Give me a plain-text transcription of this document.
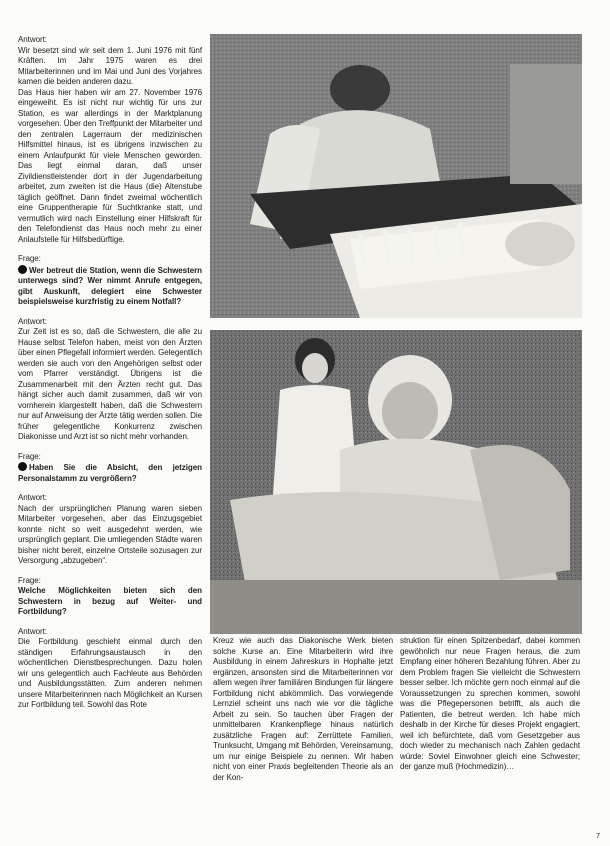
Antwort:

Wir besetzt sind wir seit dem 1. Juni 1976 mit fünf Kräften. Im Jahr 1975 waren es drei Mitarbeiterinnen und im Mai und Juni des Vorjahres kamen die beiden anderen dazu.

Das Haus hier haben wir am 27. November 1976 eingeweiht. Es ist nicht nur wichtig für uns zur Station, es war allerdings in der Marktplanung vorgesehen. Über den Treffpunkt der Mitarbeiter und den zentralen Lagerraum der medizinischen Hilfsmittel hinaus, ist es übrigens inzwischen zu einem Anlaufpunkt für viele Menschen geworden. Das liegt einmal daran, daß unser Zivildienstleistender dort in der Jugendarbeitung arbeitet, zum zweiten ist die Haus (die) Altenstube täglich geöffnet. Dann findet zweimal wöchentlich eine Gruppentherapie für Suchtkranke statt, und vermutlich wird nach Einstellung einer Hilfskraft für den Telefondienst das Haus noch mehr zu einer Anlaufstelle für Hilfsbedürftige.

Frage:

Wer betreut die Station, wenn die Schwestern unterwegs sind? Wer nimmt Anrufe entgegen, gibt Auskunft, delegiert eine Schwester beispielsweise kurzfristig zu einem Notfall?

Antwort:

Zur Zeit ist es so, daß die Schwestern, die alle zu Hause selbst Telefon haben, meist von den Ärzten über einen Pflegefall informiert werden. Gelegentlich werden sie auch von den Angehörigen selbst oder vom Pfarrer verständigt. Übrigens ist die Zusammenarbeit mit den Ärzten recht gut. Das hängt sicher auch damit zusammen, daß wir von vornherein klargestellt haben, daß die Schwestern nur auf Anweisung der Ärzte tätig werden sollen. Die früher gelegentliche Konkurrenz zwischen Diakonisse und Arzt ist so nicht mehr vorhanden.

Frage:

Haben Sie die Absicht, den jetzigen Personalstamm zu vergrößern?

Antwort:

Nach der ursprünglichen Planung waren sieben Mitarbeiter vorgesehen, aber das Einzugsgebiet konnte nicht so weit ausgedehnt werden, wie ursprünglich geplant. Die umliegenden Städte waren bisher nicht bereit, einzelne Ortsteile sozusagen zur Versorgung „abzugeben“.

Frage:

Welche Möglichkeiten bieten sich den Schwestern in bezug auf Weiter- und Fortbildung?

Antwort:

Die Fortbildung geschieht einmal durch den ständigen Erfahrungsaustausch in den wöchentlichen Dienstbesprechungen. Dazu holen wir uns gelegentlich auch Fachleute aus Behörden und Ausbildungsstätten. Zum anderen nehmen unsere Mitarbeiterinnen nach Möglichkeit an Kursen zur Fortbildung teil. Sowohl das Rote

Kreuz wie auch das Diakonische Werk bieten solche Kurse an. Eine Mitarbeiterin wird ihre Ausbildung in einem Jahreskurs in Hophalte jetzt ergänzen, ansonsten sind die Mitarbeiterinnen vor allem wegen ihrer familiären Bindungen für längere Fortbildung nicht abkömmlich. Das vorwiegende Lernziel scheint uns nach wie vor die tägliche Arbeit zu sein. So tauchen über Fragen der unmittelbaren Krankenpflege hinaus natürlich zusätzliche Fragen auf: Zerrüttete Familien, Trunksucht, Umgang mit Behörden, Vereinsamung, um nur einige Beispiele zu nennen. Wir haben nicht von einer Praxis begleitenden Theorie als an der Kon-

struktion für einen Spitzenbedarf, dabei kommen gewöhnlich nur neue Fragen heraus, die zum Empfang einer höheren Bezahlung führen. Aber zu dem Problem fragen Sie vielleicht die Schwestern besser selber. Ich möchte gern noch einmal auf die Voraussetzungen zu sprechen kommen, sowohl was die Pflegepersonen betrifft, als auch die Patienten, die betreut werden. Ich habe mich deshalb in der Kirche für dieses Projekt engagiert, weil ich befürchtete, daß vom Gesetzgeber aus doch wieder zu mechanisch nach Zahlen gedacht würde: Soviel Einwohner gleich eine Schwester; der ganze muß (Hochmedizin)…

7
